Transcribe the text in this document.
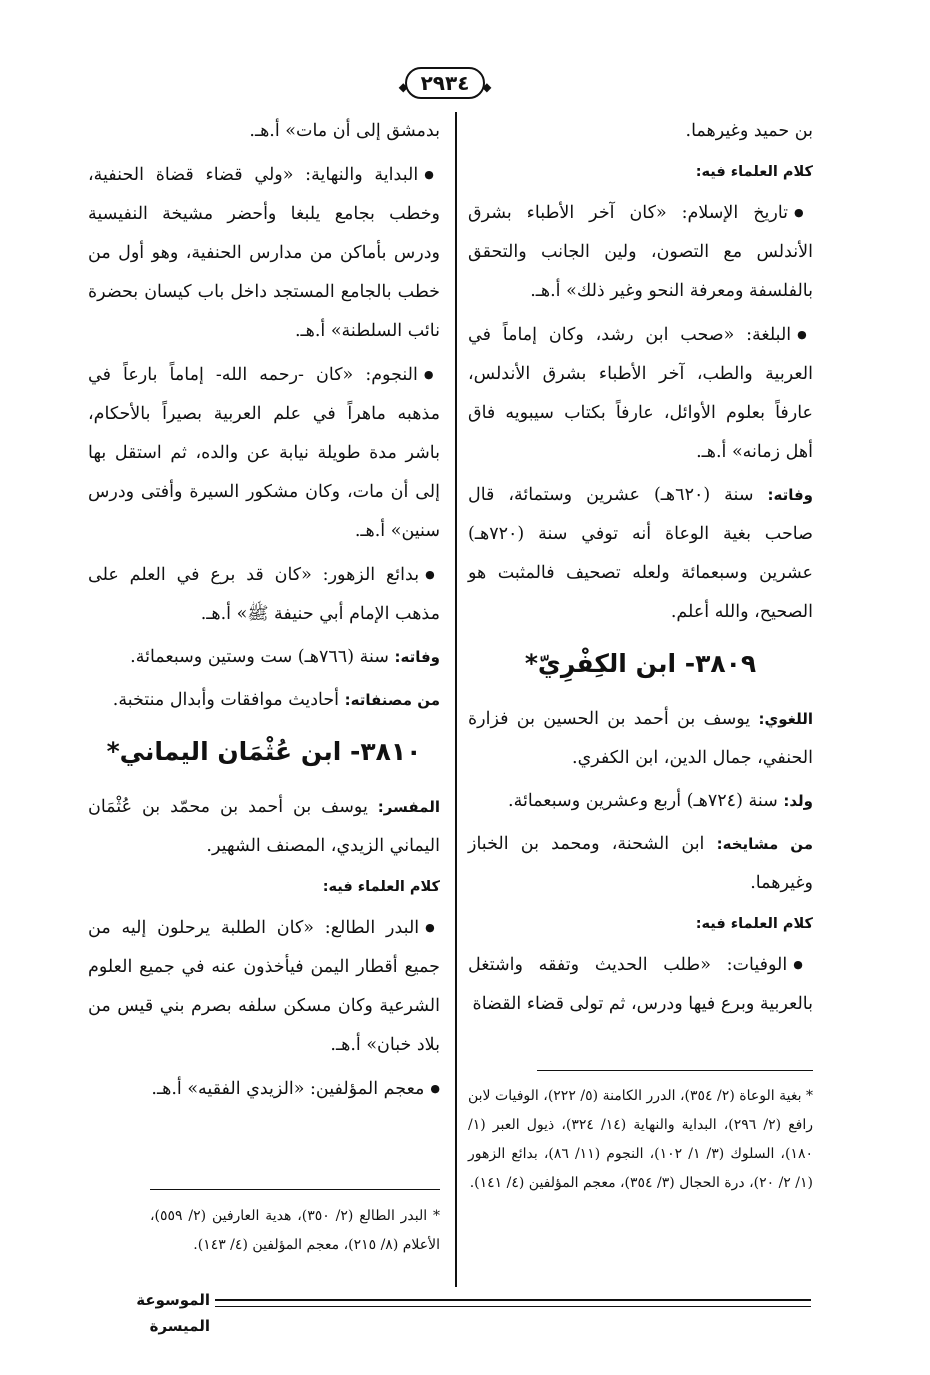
◆ ٢٩٣٤ ◆

بن حميد وغيرهما.

كلام العلماء فيه:

● تاريخ الإسلام: «كان آخر الأطباء بشرق الأندلس مع التصون، ولين الجانب والتحقق بالفلسفة ومعرفة النحو وغير ذلك» أ.هـ.

● البلغة: «صحب ابن رشد، وكان إماماً في العربية والطب، آخر الأطباء بشرق الأندلس، عارفاً بعلوم الأوائل، عارفاً بكتاب سيبويه فاق أهل زمانه» أ.هـ.

وفاته: سنة (٦٢٠هـ) عشرين وستمائة، قال صاحب بغية الوعاة أنه توفي سنة (٧٢٠هـ) عشرين وسبعمائة ولعله تصحيف فالمثبت هو الصحيح، والله أعلم.

٣٨٠٩- ابن الكِفْرِيّ*

اللغوي: يوسف بن أحمد بن الحسين بن فزارة الحنفي، جمال الدين، ابن الكفري.

ولد: سنة (٧٢٤هـ) أربع وعشرين وسبعمائة.

من مشايخه: ابن الشحنة، ومحمد بن الخباز وغيرهما.

كلام العلماء فيه:

● الوفيات: «طلب الحديث وتفقه واشتغل بالعربية وبرع فيها ودرس، ثم تولى قضاء القضاة

بدمشق إلى أن مات» أ.هـ.

● البداية والنهاية: «ولي قضاء قضاة الحنفية، وخطب بجامع يلبغا وأحضر مشيخة النفيسية ودرس بأماكن من مدارس الحنفية، وهو أول من خطب بالجامع المستجد داخل باب كيسان بحضرة نائب السلطنة» أ.هـ.

● النجوم: «كان -رحمه الله- إماماً بارعاً في مذهبه ماهراً في علم العربية بصيراً بالأحكام، باشر مدة طويلة نيابة عن والده، ثم استقل بها إلى أن مات، وكان مشكور السيرة وأفتى ودرس سنين» أ.هـ.

● بدائع الزهور: «كان قد برع في العلم على مذهب الإمام أبي حنيفة ﷺ» أ.هـ.

وفاته: سنة (٧٦٦هـ) ست وستين وسبعمائة.

من مصنفاته: أحاديث موافقات وأبدال منتخبة.

٣٨١٠- ابن عُثْمَان اليماني*

المفسر: يوسف بن أحمد بن محمّد بن عُثْمَان اليماني الزيدي، المصنف الشهير.

كلام العلماء فيه:

● البدر الطالع: «كان الطلبة يرحلون إليه من جميع أقطار اليمن فيأخذون عنه في جميع العلوم الشرعية وكان مسكن سلفه بصرم بني قيس من بلاد خبان» أ.هـ.

● معجم المؤلفين: «الزيدي الفقيه» أ.هـ.	* بغية الوعاة (٢/ ٣٥٤)، الدرر الكامنة (٥/ ٢٢٢)، الوفيات لابن رافع (٢/ ٢٩٦)، البداية والنهاية (١٤/ ٣٢٤)، ذيول العبر (١/ ١٨٠)، السلوك (٣/ ١/ ١٠٢)، النجوم (١١/ ٨٦)، بدائع الزهور (١/ ٢/ ٢٠)، درة الحجال (٣/ ٣٥٤)، معجم المؤلفين (٤/ ١٤١).
* البدر الطالع (٢/ ٣٥٠)، هدية العارفين (٢/ ٥٥٩)، الأعلام (٨/ ٢١٥)، معجم المؤلفين (٤/ ١٤٣).
الموسوعة الميسرة
